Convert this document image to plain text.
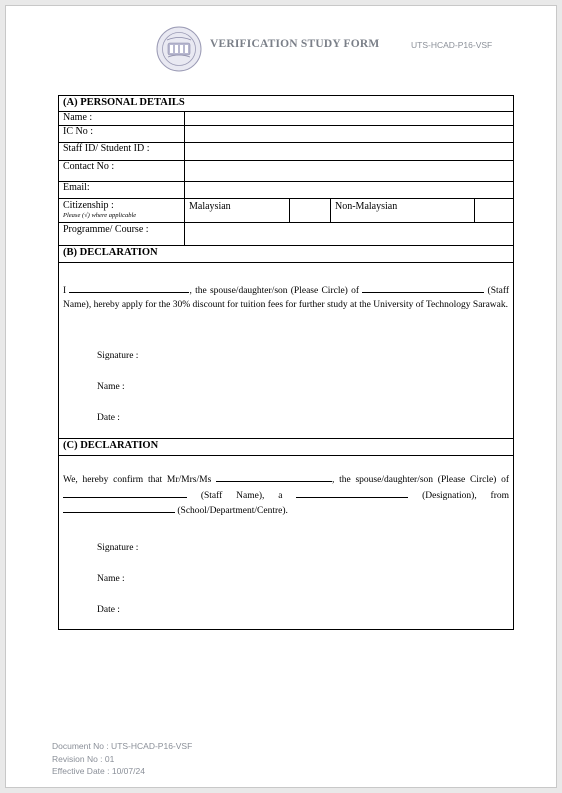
VERIFICATION STUDY FORM	UTS-HCAD-P16-VSF
(A) PERSONAL DETAILS
Name :
IC No :
Staff ID/ Student ID :
Contact No :
Email:
Citizenship :
Please (√) where applicable
Malaysian	Non-Malaysian
Programme/ Course :
(B) DECLARATION
I	, the spouse/daughter/son (Please Circle) of	(Staff Name), hereby apply for the 30% discount for tuition fees for further study at the University of Technology Sarawak.
Signature :
Name :
Date :
(C) DECLARATION
We, hereby confirm that Mr/Mrs/Ms	, the spouse/daughter/son (Please Circle) of  (Staff Name), a	(Designation), from  (School/Department/Centre).
Signature :
Name :
Date :
Document No : UTS-HCAD-P16-VSF
Revision No : 01
Effective Date : 10/07/24
